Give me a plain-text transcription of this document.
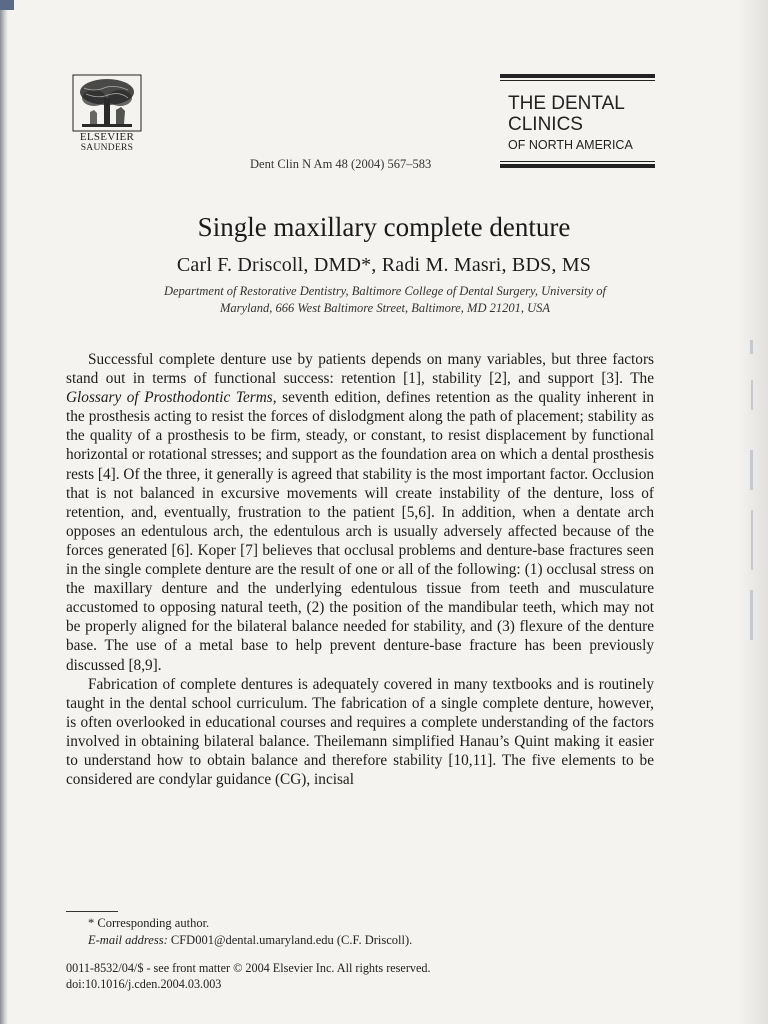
ELSEVIER
SAUNDERS
THE DENTAL
CLINICS
OF NORTH AMERICA
Dent Clin N Am 48 (2004) 567–583
Single maxillary complete denture
Carl F. Driscoll, DMD*, Radi M. Masri, BDS, MS
Department of Restorative Dentistry, Baltimore College of Dental Surgery, University of
Maryland, 666 West Baltimore Street, Baltimore, MD 21201, USA

Successful complete denture use by patients depends on many variables, but three factors stand out in terms of functional success: retention [1], stability [2], and support [3]. The Glossary of Prosthodontic Terms, seventh edition, defines retention as the quality inherent in the prosthesis acting to resist the forces of dislodgment along the path of placement; stability as the quality of a prosthesis to be firm, steady, or constant, to resist displacement by functional horizontal or rotational stresses; and support as the foundation area on which a dental prosthesis rests [4]. Of the three, it generally is agreed that stability is the most important factor. Occlusion that is not balanced in excursive movements will create instability of the denture, loss of retention, and, eventually, frustration to the patient [5,6]. In addition, when a dentate arch opposes an edentulous arch, the edentulous arch is usually adversely affected because of the forces generated [6]. Koper [7] believes that occlusal problems and denture-base fractures seen in the single complete denture are the result of one or all of the following: (1) occlusal stress on the maxillary denture and the underlying edentulous tissue from teeth and musculature accustomed to opposing natural teeth, (2) the position of the mandibular teeth, which may not be properly aligned for the bilateral balance needed for stability, and (3) flexure of the denture base. The use of a metal base to help prevent denture-base fracture has been previously discussed [8,9].

Fabrication of complete dentures is adequately covered in many textbooks and is routinely taught in the dental school curriculum. The fabrication of a single complete denture, however, is often overlooked in educational courses and requires a complete understanding of the factors involved in obtaining bilateral balance. Theilemann simplified Hanau’s Quint making it easier to understand how to obtain balance and therefore stability [10,11]. The five elements to be considered are condylar guidance (CG), incisal

* Corresponding author.
E-mail address: CFD001@dental.umaryland.edu (C.F. Driscoll).
0011-8532/04/$ - see front matter © 2004 Elsevier Inc. All rights reserved.
doi:10.1016/j.cden.2004.03.003
